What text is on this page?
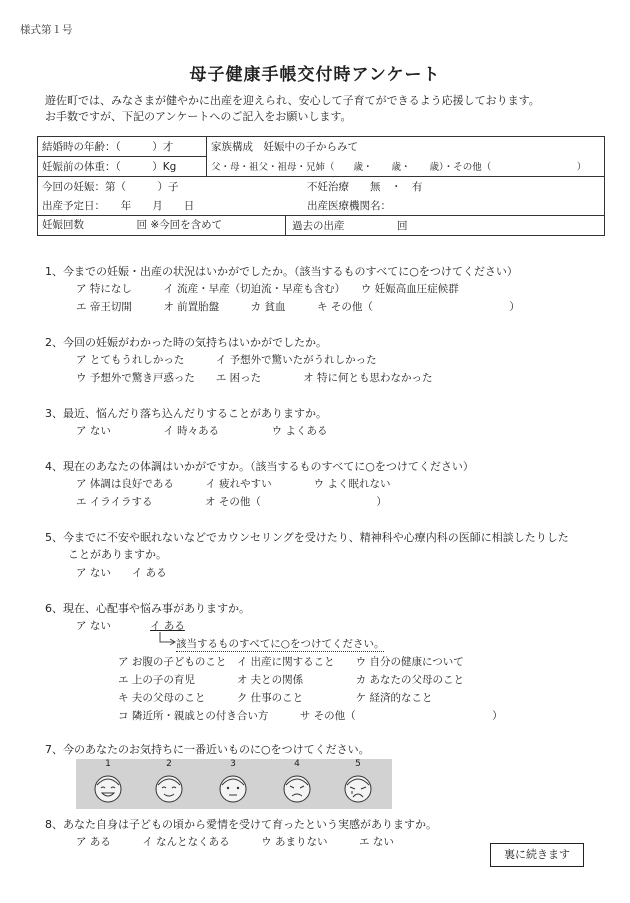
様式第１号
母子健康手帳交付時アンケート
遊佐町では、みなさまが健やかに出産を迎えられ、安心して子育てができるよう応援しております。
お手数ですが、下記のアンケートへのご記入をお願いします。
結婚時の年齢：（　　　）才	家族構成　妊娠中の子からみて
妊娠前の体重：（　　　）Kg	父・母・祖父・祖母・兄姉（　　歳・　　歳・　　歳）・その他（　　　　　　　　　）

今回の妊娠：第（　　　）子 不妊治療　　無　・　有
出産予定日：　　年　　月　　日 出産医療機関名：	

妊娠回数　　　　　回 ※今回を含めて 過去の出産　　　　　回	
1、今までの妊娠・出産の状況はいかがでしたか。（該当するものすべてに○をつけてください）
ア 特になし　　　イ 流産・早産（切迫流・早産も含む）　　ウ 妊娠高血圧症候群
エ 帝王切開　　　オ 前置胎盤　　　カ 貧血　　　キ その他（　　　　　　　　　　　　　）
2、今回の妊娠がわかった時の気持ちはいかがでしたか。
ア とてもうれしかった　　　イ 予想外で驚いたがうれしかった
ウ 予想外で驚き戸惑った　　エ 困った　　　　オ 特に何とも思わなかった
3、最近、悩んだり落ち込んだりすることがありますか。
ア ない　　　　　イ 時々ある　　　　　ウ よくある
4、現在のあなたの体調はいかがですか。（該当するものすべてに○をつけてください）
ア 体調は良好である　　　イ 疲れやすい　　　　ウ よく眠れない
エ イライラする　　　　　オ その他（　　　　　　　　　　　）
5、今までに不安や眠れないなどでカウンセリングを受けたり、精神科や心療内科の医師に相談したりした
ことがありますか。
ア ない　　イ ある
6、現在、心配事や悩み事がありますか。
ア ない	イ ある
該当するものすべてに○をつけてください。
ア お腹の子どものこと　イ 出産に関すること　　ウ 自分の健康について
エ 上の子の育児　　　　オ 夫との関係　　　　　カ あなたの父母のこと
キ 夫の父母のこと　　　ク 仕事のこと　　　　　ケ 経済的なこと
コ 隣近所・親戚との付き合い方　　　サ その他（　　　　　　　　　　　　　）
7、今のあなたのお気持ちに一番近いものに○をつけてください。
1	2	3	4	5
8、あなた自身は子どもの頃から愛情を受けて育ったという実感がありますか。
ア ある　　　イ なんとなくある　　　ウ あまりない　　　エ ない
裏に続きます
